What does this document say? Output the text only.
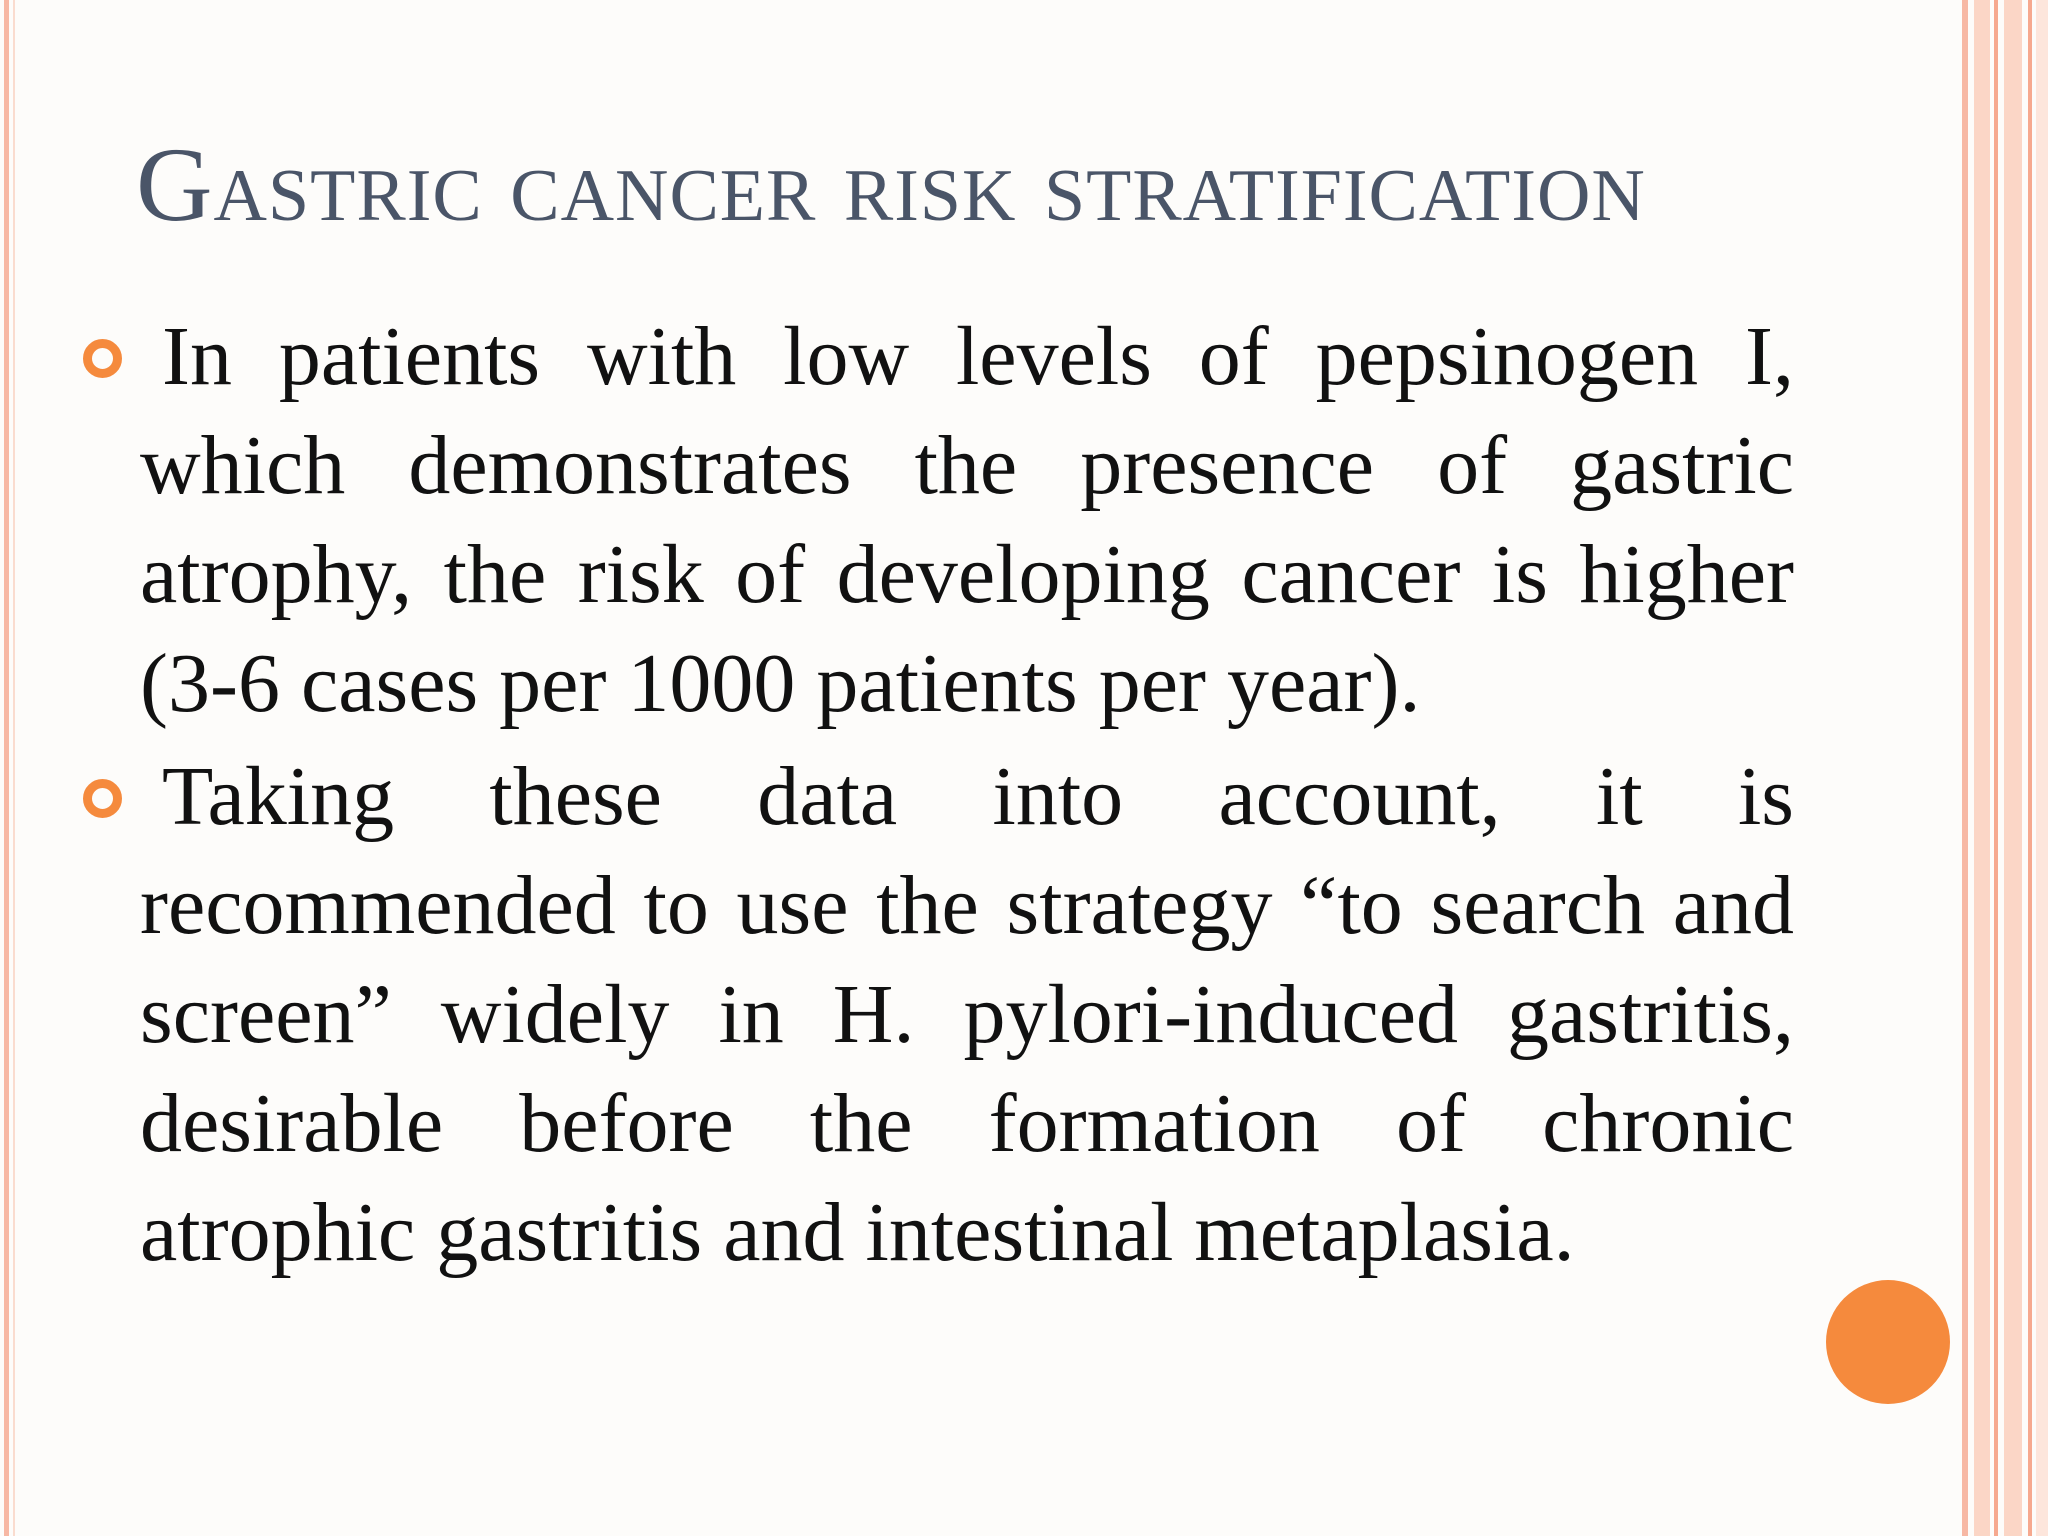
Gastric cancer risk stratification

In patients with low levels of pepsinogen I, which demonstrates the presence of gastric atrophy, the risk of developing cancer is higher (3-6 cases per 1000 patients per year).

Taking these data into account, it is recommended to use the strategy “to search and screen” widely in H. pylori-induced gastritis, desirable before the formation of chronic atrophic gastritis and intestinal metaplasia.
